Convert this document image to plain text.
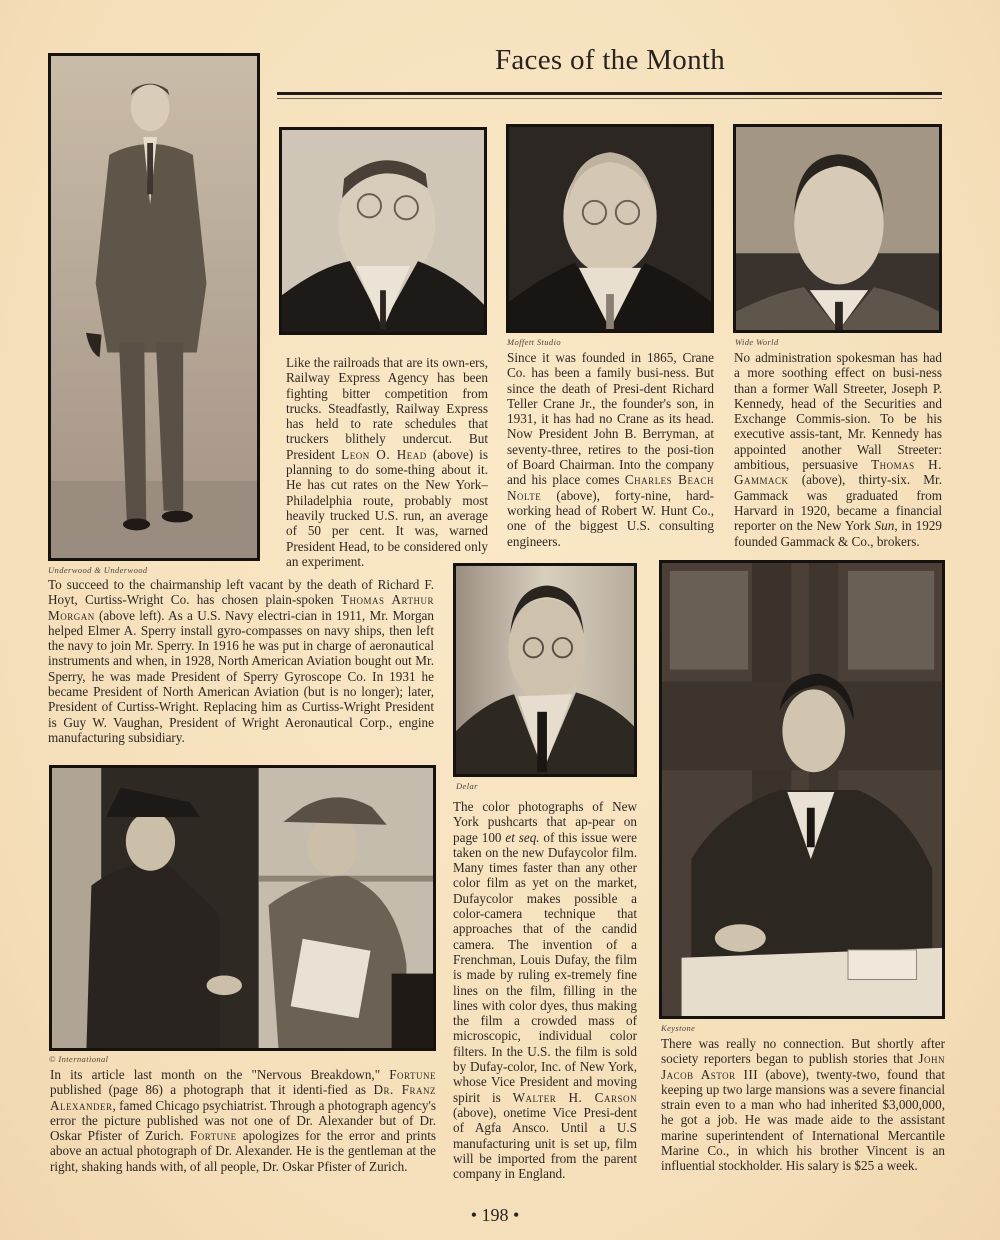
Faces of the Month
Underwood & Underwood
Like the railroads that are its own-ers, Railway Express Agency has been fighting bitter competition from trucks. Steadfastly, Railway Express has held to rate schedules that truckers blithely undercut. But President Leon O. Head (above) is planning to do some-thing about it. He has cut rates on the New York–Philadelphia route, probably most heavily trucked U.S. run, an average of 50 per cent. It was, warned President Head, to be considered only an experiment.
Moffett Studio
Since it was founded in 1865, Crane Co. has been a family busi-ness. But since the death of Presi-dent Richard Teller Crane Jr., the founder's son, in 1931, it has had no Crane as its head. Now President John B. Berryman, at seventy-three, retires to the posi-tion of Board Chairman. Into the company and his place comes Charles Beach Nolte (above), forty-nine, hard-working head of Robert W. Hunt Co., one of the biggest U.S. consulting engineers.
Wide World
No administration spokesman has had a more soothing effect on busi-ness than a former Wall Streeter, Joseph P. Kennedy, head of the Securities and Exchange Commis-sion. To be his executive assis-tant, Mr. Kennedy has appointed another Wall Streeter: ambitious, persuasive Thomas H. Gammack (above), thirty-six. Mr. Gammack was graduated from Harvard in 1920, became a financial reporter on the New York Sun, in 1929 founded Gammack & Co., brokers.
To succeed to the chairmanship left vacant by the death of Richard F. Hoyt, Curtiss-Wright Co. has chosen plain-spoken Thomas Arthur Morgan (above left). As a U.S. Navy electri-cian in 1911, Mr. Morgan helped Elmer A. Sperry install gyro-compasses on navy ships, then left the navy to join Mr. Sperry. In 1916 he was put in charge of aeronautical instruments and when, in 1928, North American Aviation bought out Mr. Sperry, he was made President of Sperry Gyroscope Co. In 1931 he became President of North American Aviation (but is no longer); later, President of Curtiss-Wright. Replacing him as Curtiss-Wright President is Guy W. Vaughan, President of Wright Aeronautical Corp., engine manufacturing subsidiary.
Delar
The color photographs of New York pushcarts that ap-pear on page 100 et seq. of this issue were taken on the new Dufaycolor film. Many times faster than any other color film as yet on the market, Dufaycolor makes possible a color-camera technique that approaches that of the candid camera. The invention of a Frenchman, Louis Dufay, the film is made by ruling ex-tremely fine lines on the film, filling in the lines with color dyes, thus making the film a crowded mass of microscopic, individual color filters. In the U.S. the film is sold by Dufay-color, Inc. of New York, whose Vice President and moving spirit is Walter H. Carson (above), onetime Vice Presi-dent of Agfa Ansco. Until a U.S manufacturing unit is set up, film will be imported from the parent company in England.
Keystone
There was really no connection. But shortly after society reporters began to publish stories that John Jacob Astor III (above), twenty-two, found that keeping up two large mansions was a severe financial strain even to a man who had inherited $3,000,000, he got a job. He was made aide to the assistant marine superintendent of International Mercantile Marine Co., in which his brother Vincent is an influential stockholder. His salary is $25 a week.
© International
In its article last month on the "Nervous Breakdown," Fortune published (page 86) a photograph that it identi-fied as Dr. Franz Alexander, famed Chicago psychiatrist. Through a photograph agency's error the picture published was not one of Dr. Alexander but of Dr. Oskar Pfister of Zurich. Fortune apologizes for the error and prints above an actual photograph of Dr. Alexander. He is the gentleman at the right, shaking hands with, of all people, Dr. Oskar Pfister of Zurich.
• 198 •
